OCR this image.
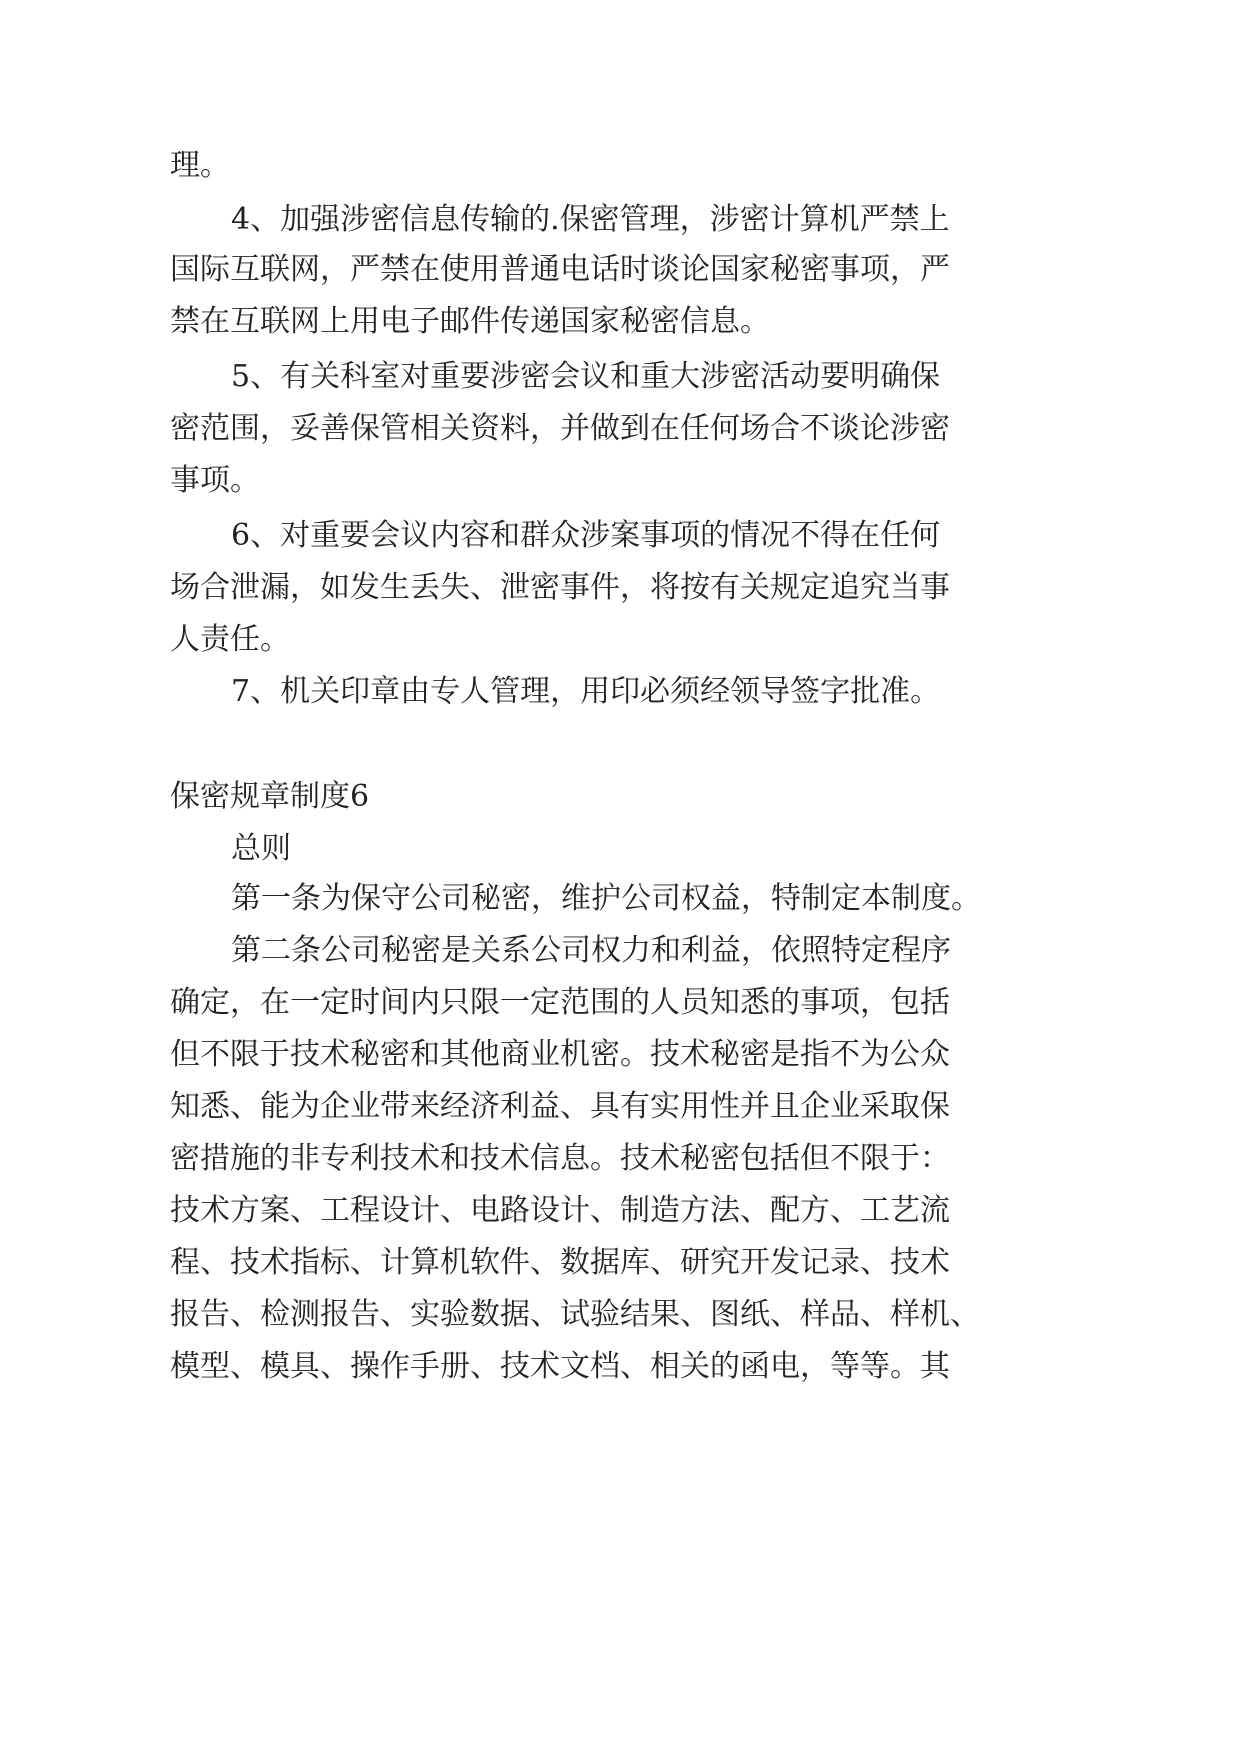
理。
4 、 加 强 涉 密 信 息 传 输 的 . 保 密 管 理 ， 涉 密 计 算 机 严 禁 上
国 际 互 联 网 ， 严 禁 在 使 用 普 通 电 话 时 谈 论 国 家 秘 密 事 项 ， 严
禁在互联网上用电子邮件传递国家秘密信息。
5 、 有 关 科 室 对 重 要 涉 密 会 议 和 重 大 涉 密 活 动 要 明 确 保
密 范 围 ， 妥 善 保 管 相 关 资 料 ， 并 做 到 在 任 何 场 合 不 谈 论 涉 密
事项。
6 、 对 重 要 会 议 内 容 和 群 众 涉 案 事 项 的 情 况 不 得 在 任 何
场 合 泄 漏 ， 如 发 生 丢 失 、 泄 密 事 件 ， 将 按 有 关 规 定 追 究 当 事
人责任。
7、机关印章由专人管理，用印必须经领导签字批准。
保密规章制度6
总则
第 一 条 为 保 守 公 司 秘 密 ， 维 护 公 司 权 益 ， 特 制 定 本 制 度 。
第 二 条 公 司 秘 密 是 关 系 公 司 权 力 和 利 益 ， 依 照 特 定 程 序
确 定 ， 在 一 定 时 间 内 只 限 一 定 范 围 的 人 员 知 悉 的 事 项 ， 包 括
但 不 限 于 技 术 秘 密 和 其 他 商 业 机 密 。 技 术 秘 密 是 指 不 为 公 众
知 悉 、 能 为 企 业 带 来 经 济 利 益 、 具 有 实 用 性 并 且 企 业 采 取 保
密 措 施 的 非 专 利 技 术 和 技 术 信 息 。 技 术 秘 密 包 括 但 不 限 于 ：
技 术 方 案 、 工 程 设 计 、 电 路 设 计 、 制 造 方 法 、 配 方 、 工 艺 流
程 、 技 术 指 标 、 计 算 机 软 件 、 数 据 库 、 研 究 开 发 记 录 、 技 术
报 告 、 检 测 报 告 、 实 验 数 据 、 试 验 结 果 、 图 纸 、 样 品 、 样 机 、
模 型 、 模 具 、 操 作 手 册 、 技 术 文 档 、 相 关 的 函 电 ， 等 等 。 其
